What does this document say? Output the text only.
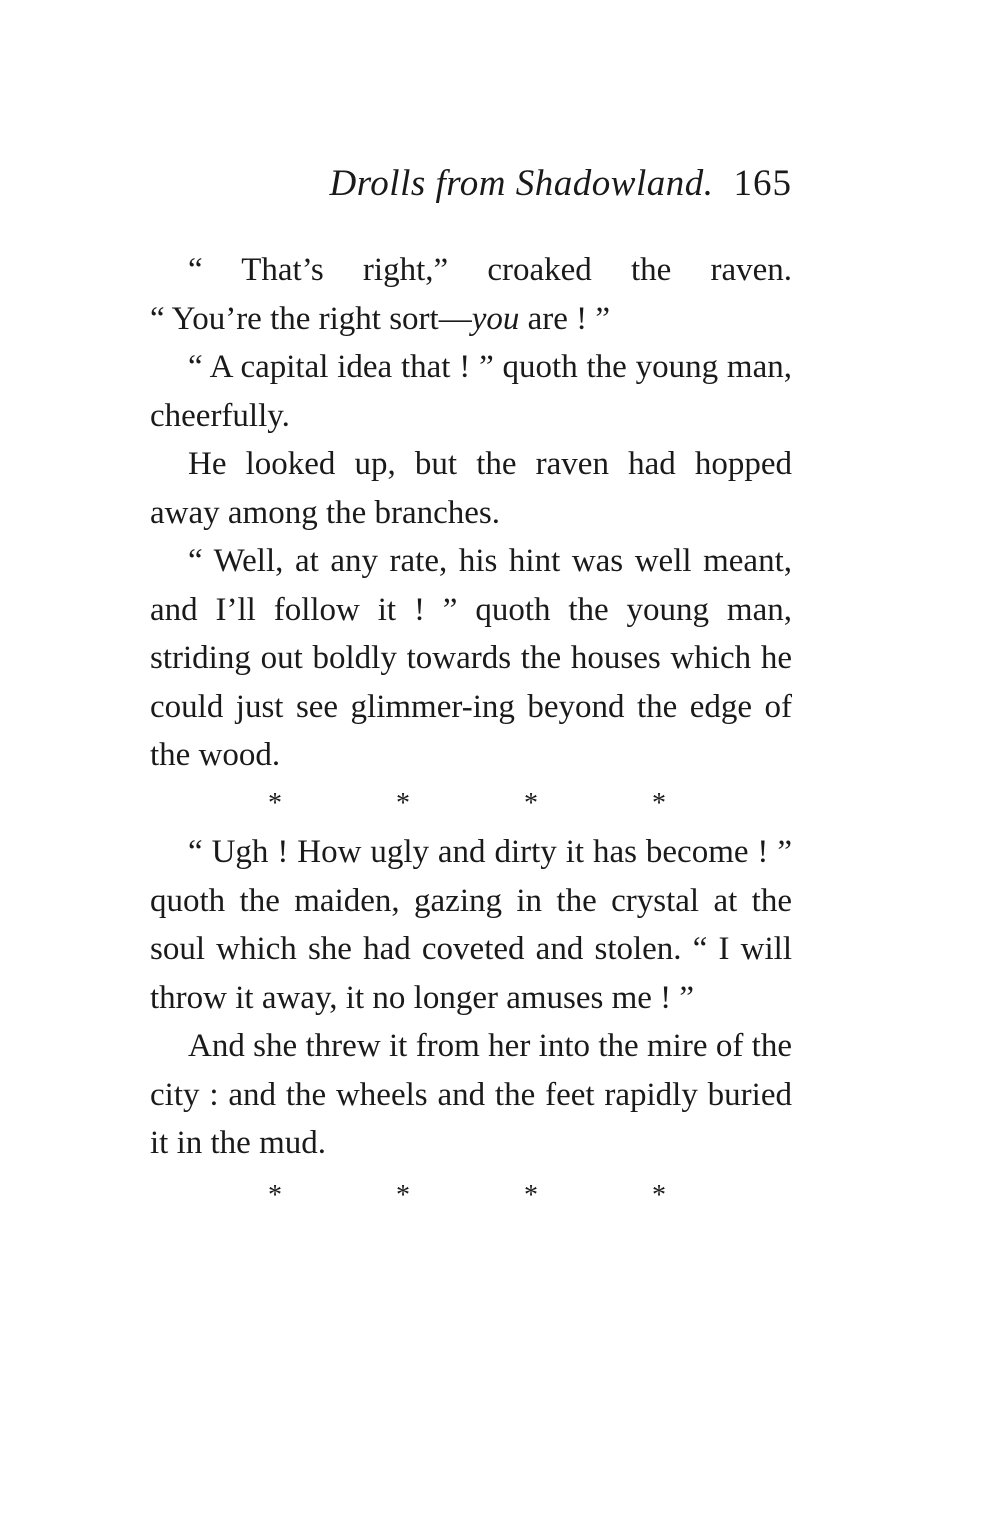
Drolls from Shadowland. 165
“ That’s right,” croaked the raven.
“ You’re the right sort—you are ! ”

“ A capital idea that ! ” quoth the young man, cheerfully.

He looked up, but the raven had hopped away among the branches.

“ Well, at any rate, his hint was well meant, and I’ll follow it ! ” quoth the young man, striding out boldly towards the houses which he could just see glimmer-ing beyond the edge of the wood.

*	*	*	*

“ Ugh ! How ugly and dirty it has become ! ” quoth the maiden, gazing in the crystal at the soul which she had coveted and stolen. “ I will throw it away, it no longer amuses me ! ”

And she threw it from her into the mire of the city : and the wheels and the feet rapidly buried it in the mud.

*	*	*	*
